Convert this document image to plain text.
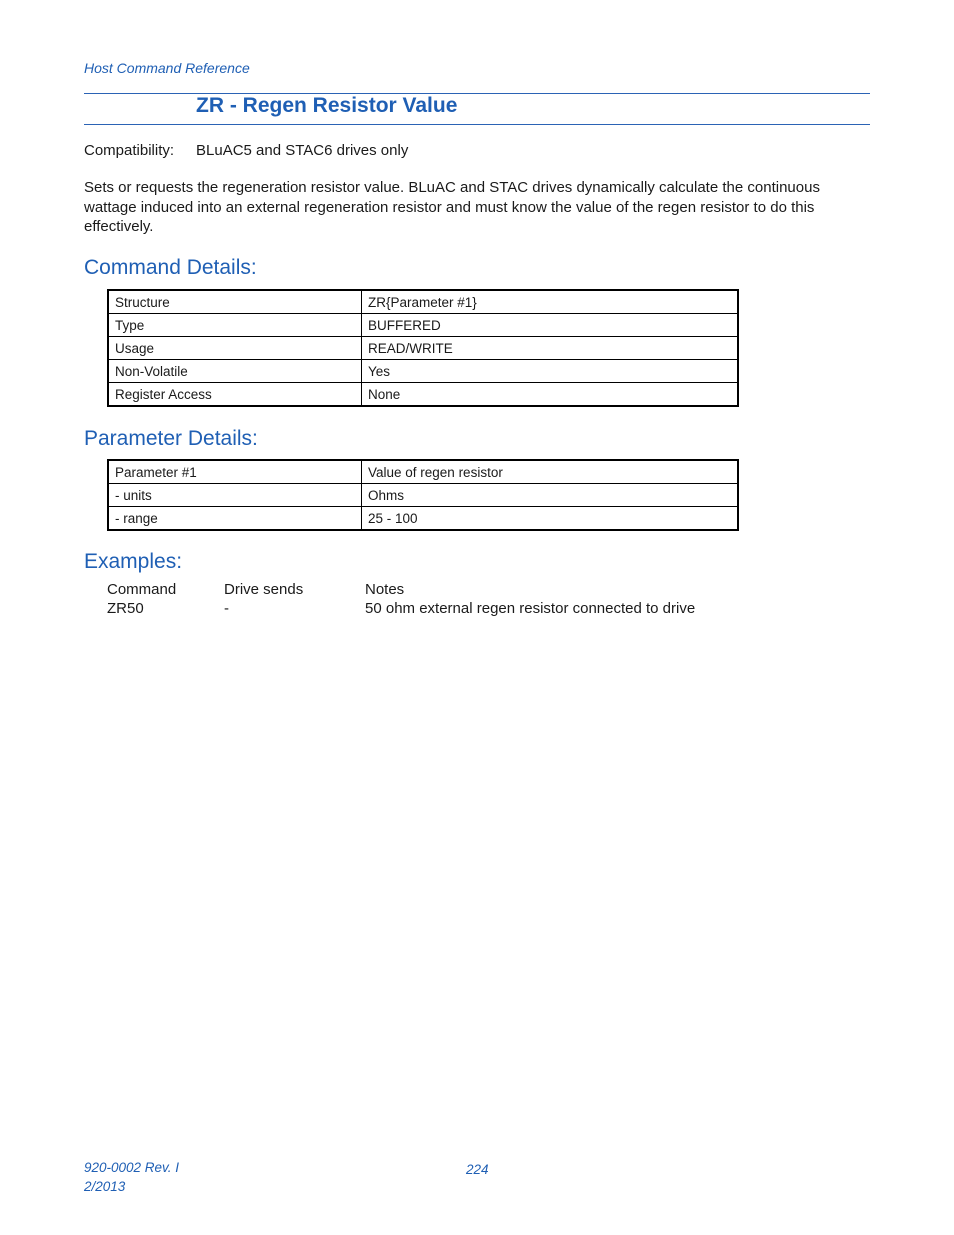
Host Command Reference
ZR - Regen Resistor Value
Compatibility: BLuAC5 and STAC6 drives only
Sets or requests the regeneration resistor value. BLuAC and STAC drives dynamically calculate the continuous wattage induced into an external regeneration resistor and must know the value of the regen resistor to do this effectively.
Command Details:
Structure	ZR{Parameter #1}
Type	BUFFERED
Usage	READ/WRITE
Non-Volatile	Yes
Register Access	None
Parameter Details:
Parameter #1	Value of regen resistor
- units	Ohms
- range	25 - 100
Examples:
Command	Drive sends	Notes
ZR50	-	50 ohm external regen resistor connected to drive
920-0002 Rev. I
2/2013
224
